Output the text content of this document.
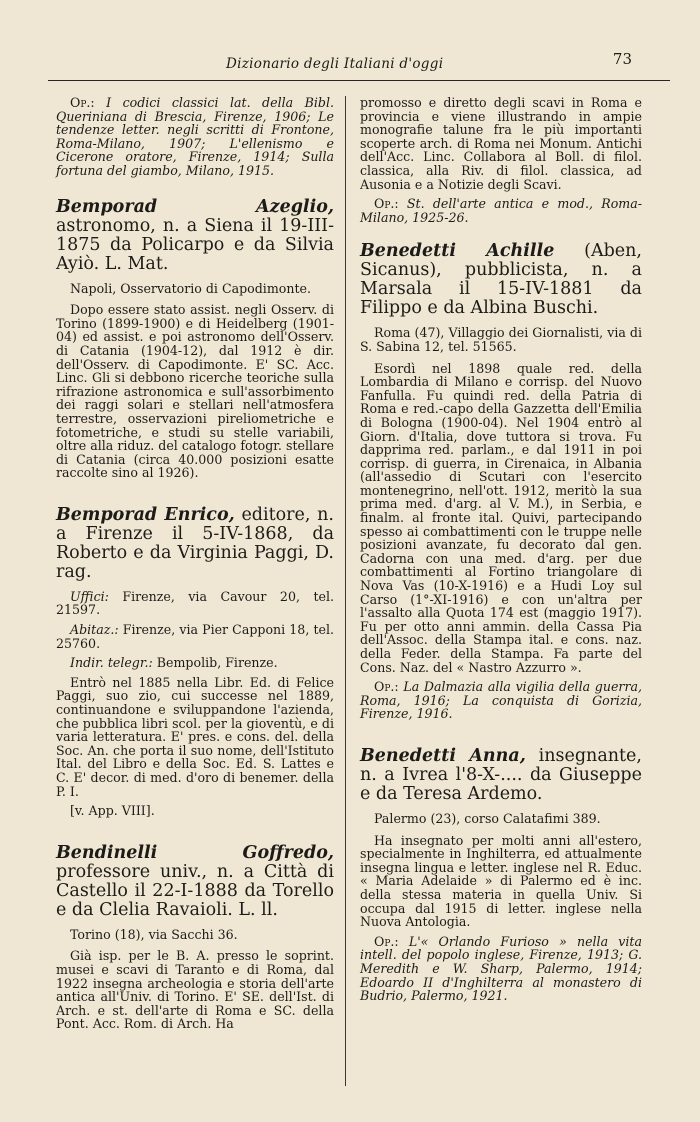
Dizionario degli Italiani d'oggi	73

Op.: I codici classici lat. della Bibl. Queriniana di Brescia, Firenze, 1906; Le tendenze letter. negli scritti di Frontone, Roma-Milano, 1907; L'ellenismo e Cicerone oratore, Firenze, 1914; Sulla fortuna del giambo, Milano, 1915.

Bemporad Azeglio, astronomo, n. a Siena il 19-III-1875 da Policarpo e da Silvia Ayiò. L. Mat.

Napoli, Osservatorio di Capodimonte.

Dopo essere stato assist. negli Osserv. di Torino (1899-1900) e di Heidelberg (1901-04) ed assist. e poi astronomo dell'Osserv. di Catania (1904-12), dal 1912 è dir. dell'Osserv. di Capodimonte. E' SC. Acc. Linc. Gli si debbono ricerche teoriche sulla rifrazione astronomica e sull'assorbimento dei raggi solari e stellari nell'atmosfera terrestre, osservazioni pireliometriche e fotometriche, e studi su stelle variabili, oltre alla riduz. del catalogo fotogr. stellare di Catania (circa 40.000 posizioni esatte raccolte sino al 1926).

Bemporad Enrico, editore, n. a Firenze il 5-IV-1868, da Roberto e da Virginia Paggi, D. rag.

Uffici: Firenze, via Cavour 20, tel. 21597.

Abitaz.: Firenze, via Pier Capponi 18, tel. 25760.

Indir. telegr.: Bempolib, Firenze.

Entrò nel 1885 nella Libr. Ed. di Felice Paggi, suo zio, cui successe nel 1889, continuandone e sviluppandone l'azienda, che pubblica libri scol. per la gioventù, e di varia letteratura. E' pres. e cons. del. della Soc. An. che porta il suo nome, dell'Istituto Ital. del Libro e della Soc. Ed. S. Lattes e C. E' decor. di med. d'oro di benemer. della P. I.

[v. App. VIII].

Bendinelli Goffredo, professore univ., n. a Città di Castello il 22-I-1888 da Torello e da Clelia Ravaioli. L. ll.

Torino (18), via Sacchi 36.

Già isp. per le B. A. presso le soprint. musei e scavi di Taranto e di Roma, dal 1922 insegna archeologia e storia dell'arte antica all'Univ. di Torino. E' SE. dell'Ist. di Arch. e st. dell'arte di Roma e SC. della Pont. Acc. Rom. di Arch. Ha

promosso e diretto degli scavi in Roma e provincia e viene illustrando in ampie monografie talune fra le più importanti scoperte arch. di Roma nei Monum. Antichi dell'Acc. Linc. Collabora al Boll. di filol. classica, alla Riv. di filol. classica, ad Ausonia e a Notizie degli Scavi.

Op.: St. dell'arte antica e mod., Roma-Milano, 1925-26.

Benedetti Achille (Aben, Sicanus), pubblicista, n. a Marsala il 15-IV-1881 da Filippo e da Albina Buschi.

Roma (47), Villaggio dei Giornalisti, via di S. Sabina 12, tel. 51565.

Esordì nel 1898 quale red. della Lombardia di Milano e corrisp. del Nuovo Fanfulla. Fu quindi red. della Patria di Roma e red.-capo della Gazzetta dell'Emilia di Bologna (1900-04). Nel 1904 entrò al Giorn. d'Italia, dove tuttora si trova. Fu dapprima red. parlam., e dal 1911 in poi corrisp. di guerra, in Cirenaica, in Albania (all'assedio di Scutari con l'esercito montenegrino, nell'ott. 1912, meritò la sua prima med. d'arg. al V. M.), in Serbia, e finalm. al fronte ital. Quivi, partecipando spesso ai combattimenti con le truppe nelle posizioni avanzate, fu decorato dal gen. Cadorna con una med. d'arg. per due combattimenti al Fortino triangolare di Nova Vas (10-X-1916) e a Hudi Loy sul Carso (1°-XI-1916) e con un'altra per l'assalto alla Quota 174 est (maggio 1917). Fu per otto anni ammin. della Cassa Pia dell'Assoc. della Stampa ital. e cons. naz. della Feder. della Stampa. Fa parte del Cons. Naz. del « Nastro Azzurro ».

Op.: La Dalmazia alla vigilia della guerra, Roma, 1916; La conquista di Gorizia, Firenze, 1916.

Benedetti Anna, insegnante, n. a Ivrea l'8-X-.... da Giuseppe e da Teresa Ardemo.

Palermo (23), corso Calatafimi 389.

Ha insegnato per molti anni all'estero, specialmente in Inghilterra, ed attualmente insegna lingua e letter. inglese nel R. Educ. « Maria Adelaide » di Palermo ed è inc. della stessa materia in quella Univ. Si occupa dal 1915 di letter. inglese nella Nuova Antologia.

Op.: L'« Orlando Furioso » nella vita intell. del popolo inglese, Firenze, 1913; G. Meredith e W. Sharp, Palermo, 1914; Edoardo II d'Inghilterra al monastero di Budrio, Palermo, 1921.
